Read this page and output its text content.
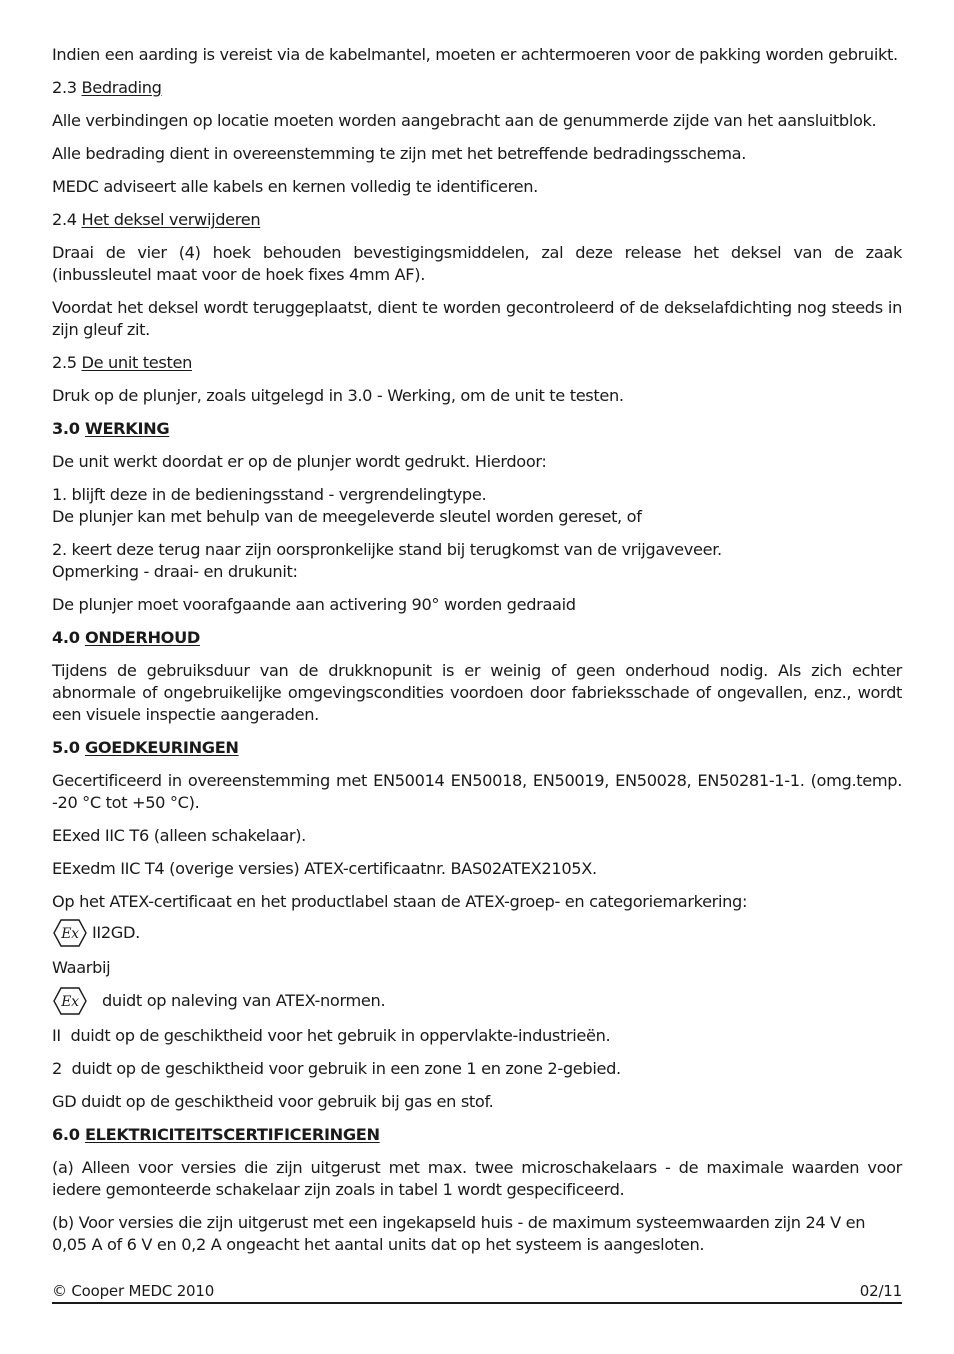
Indien een aarding is vereist via de kabelmantel, moeten er achtermoeren voor de pakking worden gebruikt.

2.3 Bedrading

Alle verbindingen op locatie moeten worden aangebracht aan de genummerde zijde van het aansluitblok.

Alle bedrading dient in overeenstemming te zijn met het betreffende bedradingsschema.

MEDC adviseert alle kabels en kernen volledig te identificeren.

2.4 Het deksel verwijderen

Draai de vier (4) hoek behouden bevestigingsmiddelen, zal deze release het deksel van de zaak (inbussleutel maat voor de hoek fixes 4mm AF).

Voordat het deksel wordt teruggeplaatst, dient te worden gecontroleerd of de dekselafdichting nog steeds in zijn gleuf zit.

2.5 De unit testen

Druk op de plunjer, zoals uitgelegd in 3.0 - Werking, om de unit te testen.

3.0 WERKING

De unit werkt doordat er op de plunjer wordt gedrukt. Hierdoor:

1. blijft deze in de bedieningsstand - vergrendelingtype.
De plunjer kan met behulp van de meegeleverde sleutel worden gereset, of

2. keert deze terug naar zijn oorspronkelijke stand bij terugkomst van de vrijgaveveer.
Opmerking - draai- en drukunit:

De plunjer moet voorafgaande aan activering 90° worden gedraaid

4.0 ONDERHOUD

Tijdens de gebruiksduur van de drukknopunit is er weinig of geen onderhoud nodig. Als zich echter abnormale of ongebruikelijke omgevingscondities voordoen door fabrieksschade of ongevallen, enz., wordt een visuele inspectie aangeraden.

5.0 GOEDKEURINGEN

Gecertificeerd in overeenstemming met EN50014 EN50018, EN50019, EN50028, EN50281-1-1. (omg.temp. -20 °C tot +50 °C).

EExed IIC T6 (alleen schakelaar).

EExedm IIC T4 (overige versies) ATEX-certificaatnr. BAS02ATEX2105X.

Op het ATEX-certificaat en het productlabel staan de ATEX-groep- en categoriemarkering:

Ex II2GD.

Waarbij

Ex duidt op naleving van ATEX-normen.

II  duidt op de geschiktheid voor het gebruik in oppervlakte-industrieën.

2  duidt op de geschiktheid voor gebruik in een zone 1 en zone 2-gebied.

GD duidt op de geschiktheid voor gebruik bij gas en stof.

6.0 ELEKTRICITEITSCERTIFICERINGEN

(a) Alleen voor versies die zijn uitgerust met max. twee microschakelaars - de maximale waarden voor iedere gemonteerde schakelaar zijn zoals in tabel 1 wordt gespecificeerd.

(b) Voor versies die zijn uitgerust met een ingekapseld huis - de maximum systeemwaarden zijn 24 V en
0,05 A of 6 V en 0,2 A ongeacht het aantal units dat op het systeem is aangesloten.

© Cooper MEDC 2010	02/11
